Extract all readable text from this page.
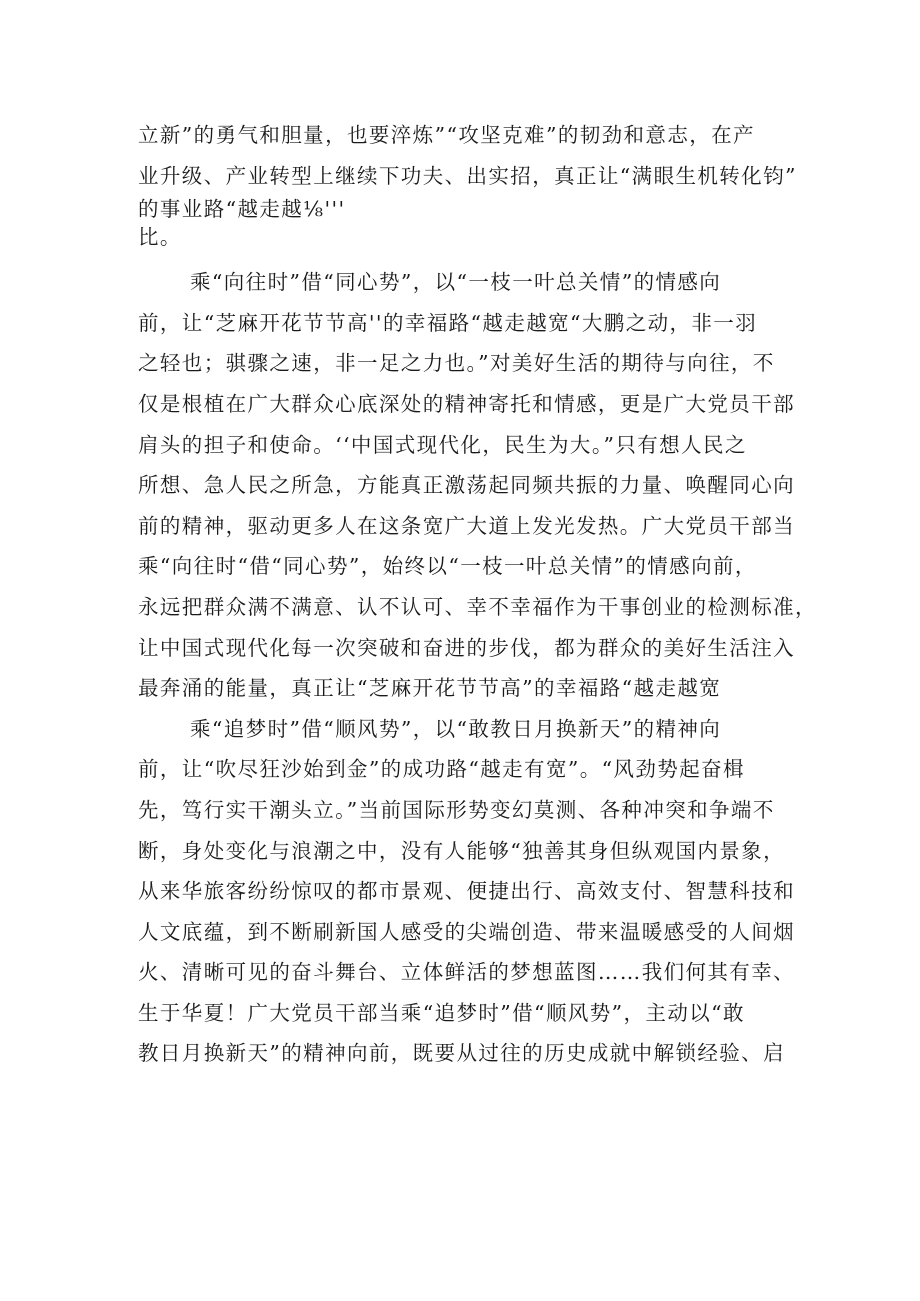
立新”的勇气和胆量，也要淬炼”“攻坚克难”的韧劲和意志，在产
业升级、产业转型上继续下功夫、出实招，真正让“满眼生机转化钧”
的事业路“越走越⅛'''
比。

乘“向往时”借“同心势”，以“一枝一叶总关情”的情感向
前，让“芝麻开花节节高''的幸福路“越走越宽“大鹏之动，非一羽
之轻也；骐骤之速，非一足之力也。”对美好生活的期待与向往，不
仅是根植在广大群众心底深处的精神寄托和情感，更是广大党员干部
肩头的担子和使命。‘‘中国式现代化，民生为大。”只有想人民之
所想、急人民之所急，方能真正激荡起同频共振的力量、唤醒同心向
前的精神，驱动更多人在这条宽广大道上发光发热。广大党员干部当
乘“向往时“借“同心势”，始终以“一枝一叶总关情”的情感向前，
永远把群众满不满意、认不认可、幸不幸福作为干事创业的检测标准，
让中国式现代化每一次突破和奋进的步伐，都为群众的美好生活注入
最奔涌的能量，真正让“芝麻开花节节高”的幸福路“越走越宽

乘“追梦时”借“顺风势”，以“敢教日月换新天”的精神向
前，让“吹尽狂沙始到金”的成功路“越走有宽”。“风劲势起奋楫
先，笃行实干潮头立。”当前国际形势变幻莫测、各种冲突和争端不
断，身处变化与浪潮之中，没有人能够“独善其身但纵观国内景象，
从来华旅客纷纷惊叹的都市景观、便捷出行、高效支付、智慧科技和
人文底蕴，到不断刷新国人感受的尖端创造、带来温暖感受的人间烟
火、清晰可见的奋斗舞台、立体鲜活的梦想蓝图……我们何其有幸、
生于华夏！广大党员干部当乘“追梦时”借“顺风势”，主动以“敢
教日月换新天”的精神向前，既要从过往的历史成就中解锁经验、启
